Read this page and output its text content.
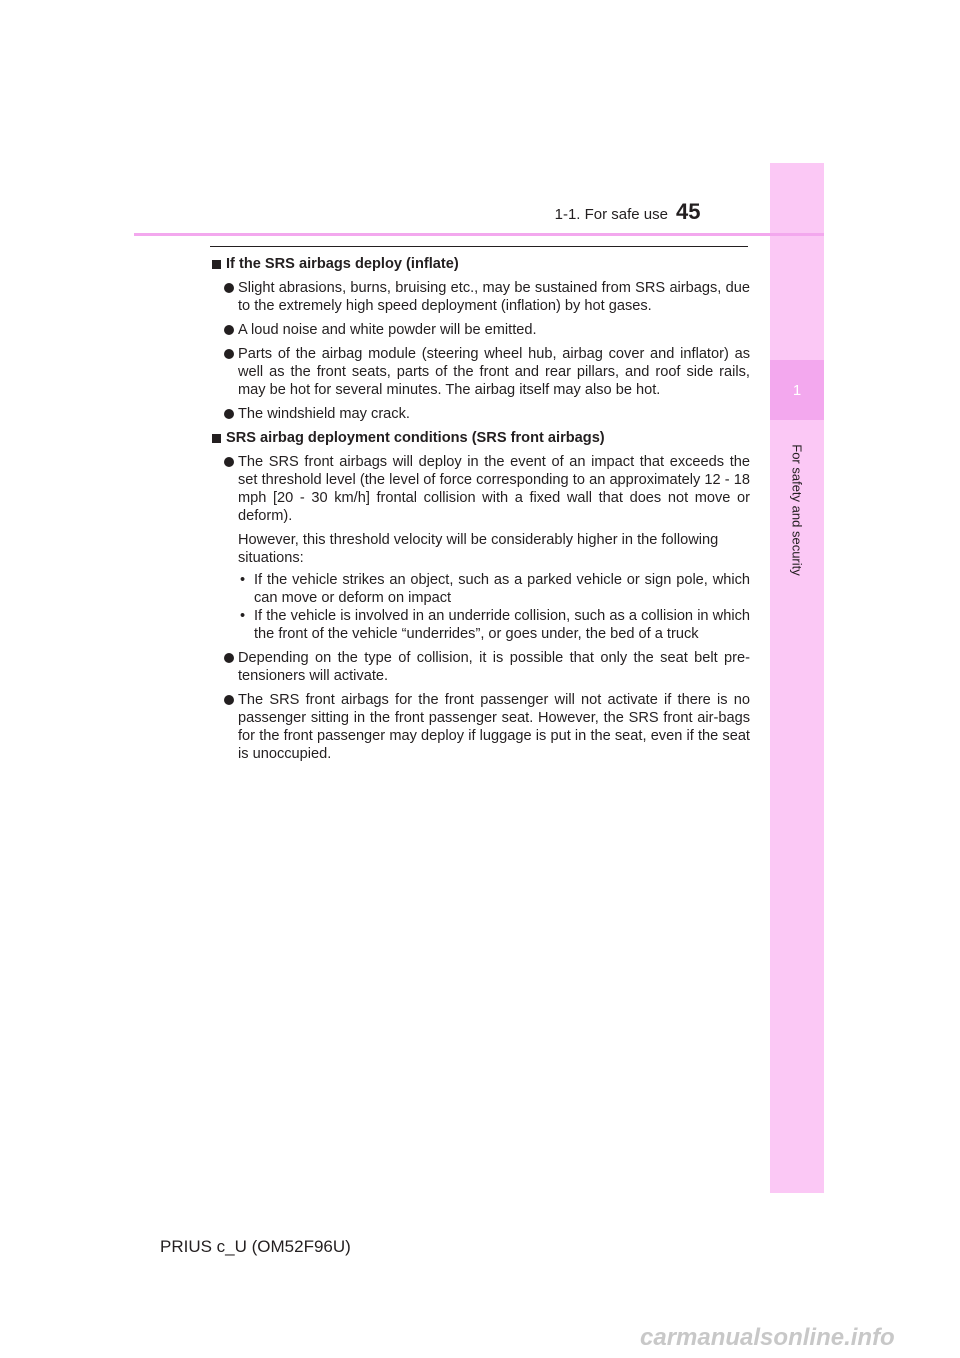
1
For safety and security
1-1. For safe use 45
If the SRS airbags deploy (inflate)
Slight abrasions, burns, bruising etc., may be sustained from SRS airbags, due to the extremely high speed deployment (inflation) by hot gases.
A loud noise and white powder will be emitted.
Parts of the airbag module (steering wheel hub, airbag cover and inflator) as well as the front seats, parts of the front and rear pillars, and roof side rails, may be hot for several minutes. The airbag itself may also be hot.
The windshield may crack.
SRS airbag deployment conditions (SRS front airbags)
The SRS front airbags will deploy in the event of an impact that exceeds the set threshold level (the level of force corresponding to an approximately 12 - 18 mph [20 - 30 km/h] frontal collision with a fixed wall that does not move or deform).
However, this threshold velocity will be considerably higher in the following situations:
• If the vehicle strikes an object, such as a parked vehicle or sign pole, which can move or deform on impact
• If the vehicle is involved in an underride collision, such as a collision in which the front of the vehicle “underrides”, or goes under, the bed of a truck
Depending on the type of collision, it is possible that only the seat belt pre-tensioners will activate.
The SRS front airbags for the front passenger will not activate if there is no passenger sitting in the front passenger seat. However, the SRS front air-bags for the front passenger may deploy if luggage is put in the seat, even if the seat is unoccupied.
PRIUS c_U (OM52F96U)
carmanualsonline.info
